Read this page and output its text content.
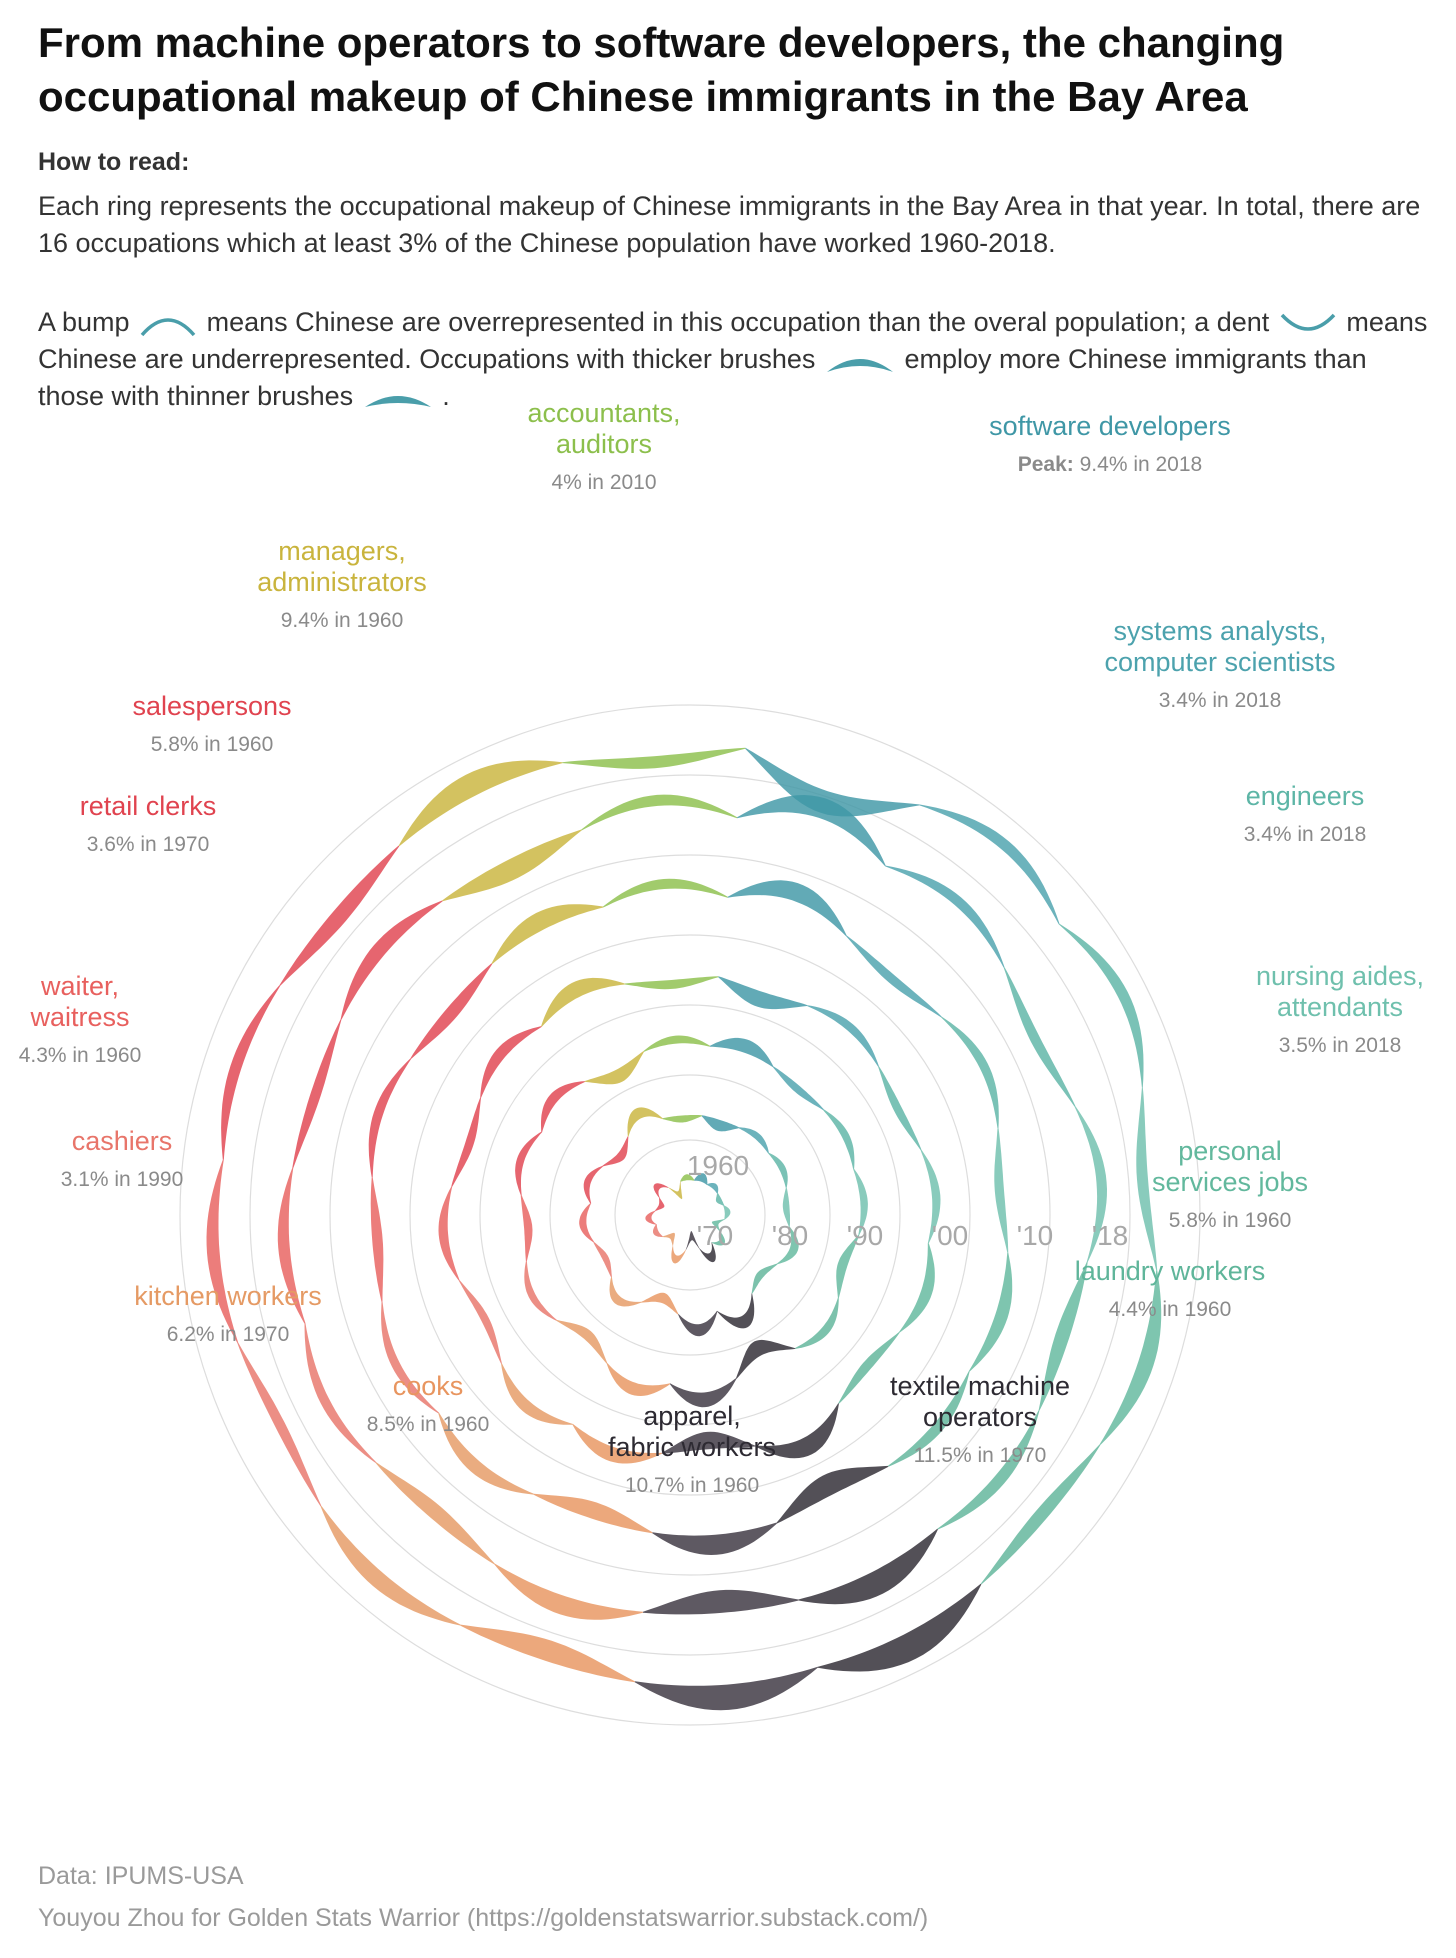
From machine operators to software developers, the changing occupational makeup of Chinese immigrants in the Bay Area
How to read:
Each ring represents the occupational makeup of Chinese immigrants in the Bay Area in that year. In total, there are 16 occupations which at least 3% of the Chinese population have worked 1960-2018.
A bump	means Chinese are overrepresented in this occupation than the overal population; a dent	means Chinese are underrepresented. Occupations with thicker brushes	employ more Chinese immigrants than those with thinner brushes	.
1960
'70 '80 '90 '00 '10 '18
software developers
Peak: 9.4% in 2018
systems analysts,
computer scientists
3.4% in 2018
engineers
3.4% in 2018
nursing aides,
attendants
3.5% in 2018
personal
services jobs
5.8% in 1960
laundry workers
4.4% in 1960
textile machine
operators
11.5% in 1970
apparel,
fabric workers
10.7% in 1960
cooks
8.5% in 1960
kitchen workers
6.2% in 1970
cashiers
3.1% in 1990
waiter,
waitress
4.3% in 1960
retail clerks
3.6% in 1970
salespersons
5.8% in 1960
managers,
administrators
9.4% in 1960
accountants,
auditors
4% in 2010
Data: IPUMS-USA
Youyou Zhou for Golden Stats Warrior (https://goldenstatswarrior.substack.com/)
